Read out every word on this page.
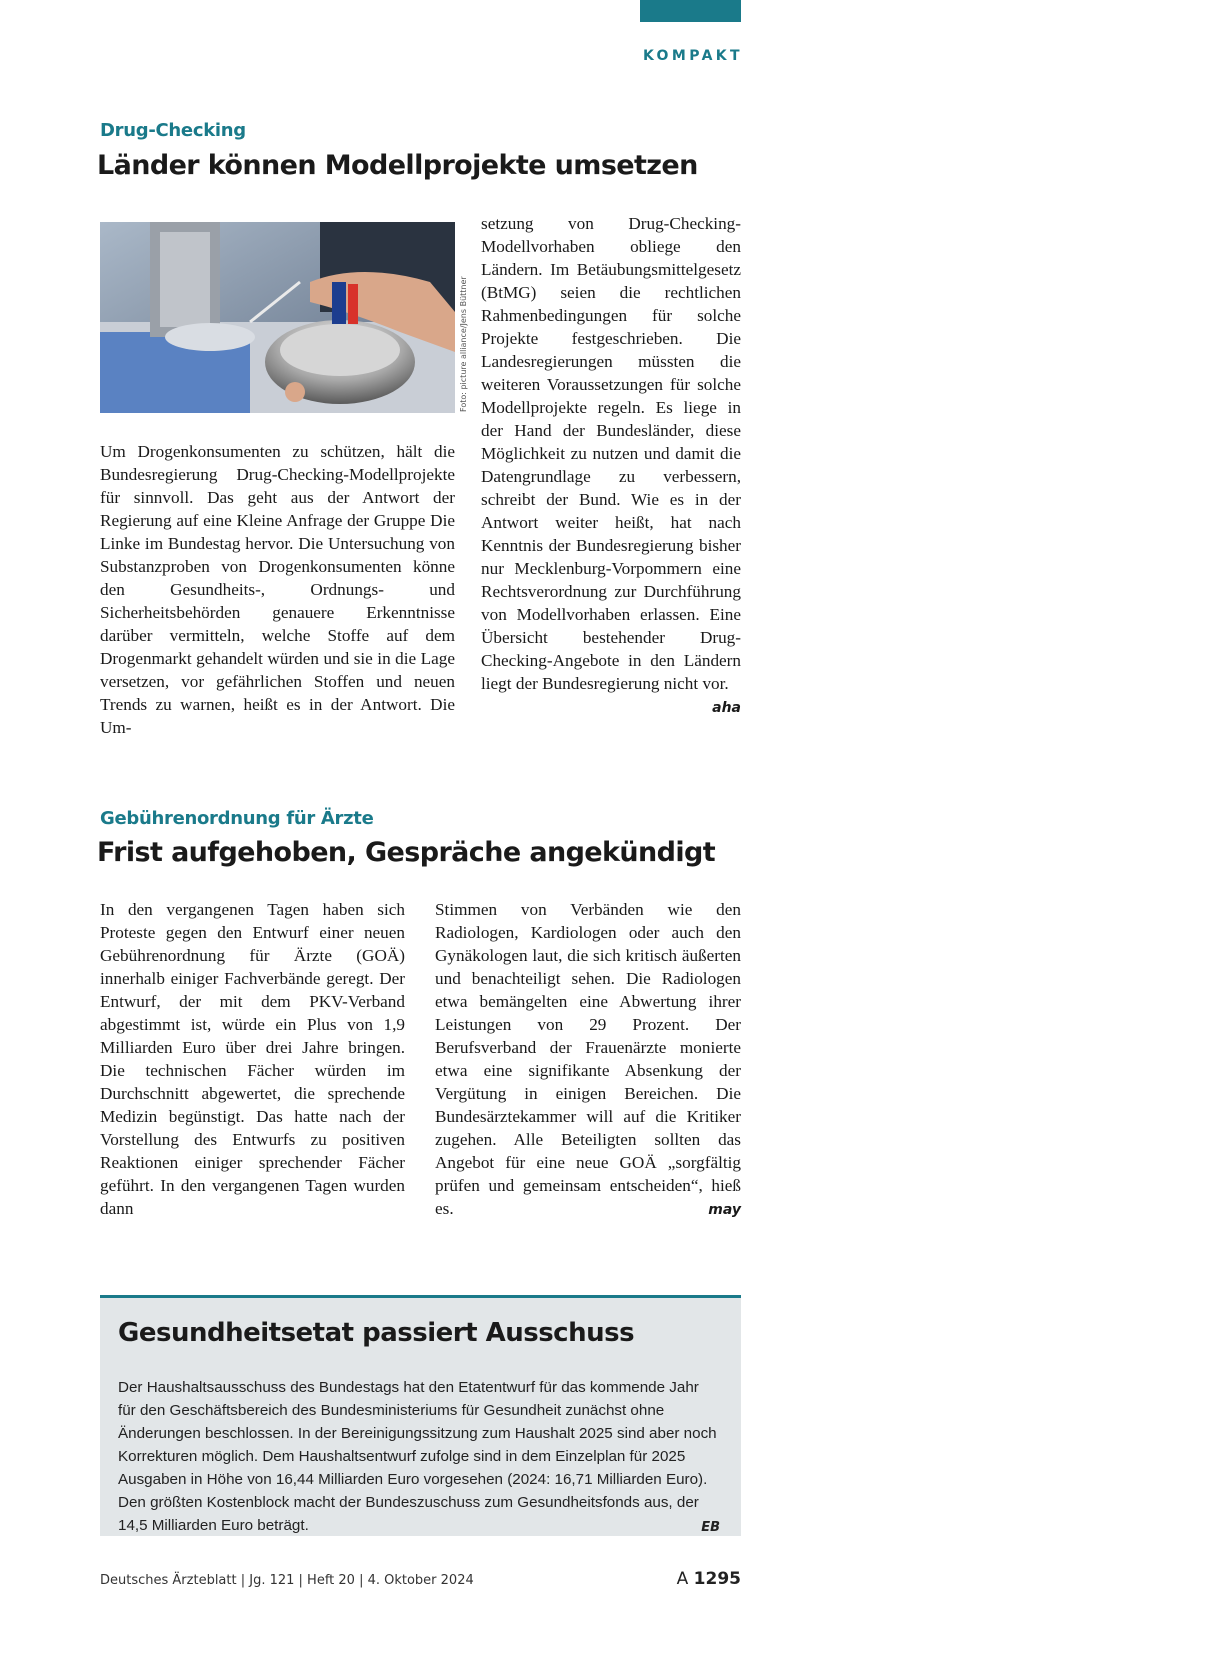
KOMPAKT
Drug-Checking
Länder können Modellprojekte umsetzen
Foto: picture alliance/Jens Büttner
Um Drogenkonsumenten zu schützen, hält die Bundesregierung Drug-Checking-Modellprojekte für sinnvoll. Das geht aus der Antwort der Regierung auf eine Kleine Anfrage der Gruppe Die Linke im Bundestag hervor. Die Untersuchung von Substanzproben von Drogenkonsumenten könne den Gesundheits-, Ordnungs- und Sicherheitsbehörden genauere Erkenntnisse darüber vermitteln, welche Stoffe auf dem Drogenmarkt gehandelt würden und sie in die Lage versetzen, vor gefährlichen Stoffen und neuen Trends zu warnen, heißt es in der Antwort. Die Um-
setzung von Drug-Checking-Modellvorhaben obliege den Ländern. Im Betäubungsmittelgesetz (BtMG) seien die rechtlichen Rahmenbedingungen für solche Projekte festgeschrieben. Die Landesregierungen müssten die weiteren Voraussetzungen für solche Modellprojekte regeln. Es liege in der Hand der Bundesländer, diese Möglichkeit zu nutzen und damit die Datengrundlage zu verbessern, schreibt der Bund. Wie es in der Antwort weiter heißt, hat nach Kenntnis der Bundesregierung bisher nur Mecklenburg-Vorpommern eine Rechtsverordnung zur Durchführung von Modellvorhaben erlassen. Eine Übersicht bestehender Drug-Checking-Angebote in den Ländern liegt der Bundesregierung nicht vor.
aha
Gebührenordnung für Ärzte
Frist aufgehoben, Gespräche angekündigt
In den vergangenen Tagen haben sich Proteste gegen den Entwurf einer neuen Gebührenordnung für Ärzte (GOÄ) innerhalb einiger Fachverbände geregt. Der Entwurf, der mit dem PKV-Verband abgestimmt ist, würde ein Plus von 1,9 Milliarden Euro über drei Jahre bringen. Die technischen Fächer würden im Durchschnitt abgewertet, die sprechende Medizin begünstigt. Das hatte nach der Vorstellung des Entwurfs zu positiven Reaktionen einiger sprechender Fächer geführt. In den vergangenen Tagen wurden dann
Stimmen von Verbänden wie den Radiologen, Kardiologen oder auch den Gynäkologen laut, die sich kritisch äußerten und benachteiligt sehen. Die Radiologen etwa bemängelten eine Abwertung ihrer Leistungen von 29 Prozent. Der Berufsverband der Frauenärzte monierte etwa eine signifikante Absenkung der Vergütung in einigen Bereichen. Die Bundesärztekammer will auf die Kritiker zugehen. Alle Beteiligten sollten das Angebot für eine neue GOÄ „sorgfältig prüfen und gemeinsam entscheiden“, hieß es.	may
Gesundheitsetat passiert Ausschuss
Der Haushaltsausschuss des Bundestags hat den Etatentwurf für das kommende Jahr für den Geschäftsbereich des Bundesministeriums für Gesundheit zunächst ohne Änderungen beschlossen. In der Bereinigungssitzung zum Haushalt 2025 sind aber noch Korrekturen möglich. Dem Haushaltsentwurf zufolge sind in dem Einzelplan für 2025 Ausgaben in Höhe von 16,44 Milliarden Euro vorgesehen (2024: 16,71 Milliarden Euro). Den größten Kostenblock macht der Bundeszuschuss zum Gesundheitsfonds aus, der 14,5 Milliarden Euro beträgt.	EB
Deutsches Ärzteblatt | Jg. 121 | Heft 20 | 4. Oktober 2024	A 1295
